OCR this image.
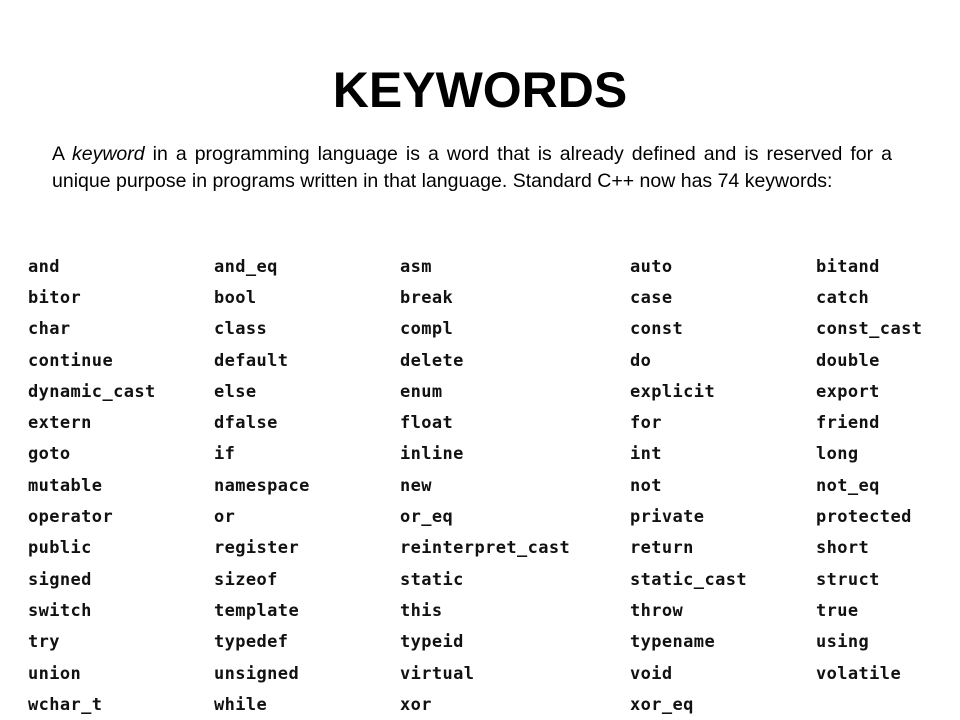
KEYWORDS

A keyword in a programming language is a word that is already defined and is reserved for a unique purpose in programs written in that language. Standard C++ now has 74 keywords:

and	and_eq	asm	auto	bitand
bitor	bool	break	case	catch
char	class	compl	const	const_cast
continue	default	delete	do	double
dynamic_cast	else	enum	explicit	export
extern	dfalse	float	for	friend
goto	if	inline	int	long
mutable	namespace	new	not	not_eq
operator	or	or_eq	private	protected
public	register	reinterpret_cast	return	short
signed	sizeof	static	static_cast	struct
switch	template	this	throw	true
try	typedef	typeid	typename	using
union	unsigned	virtual	void	volatile
wchar_t	while	xor	xor_eq
